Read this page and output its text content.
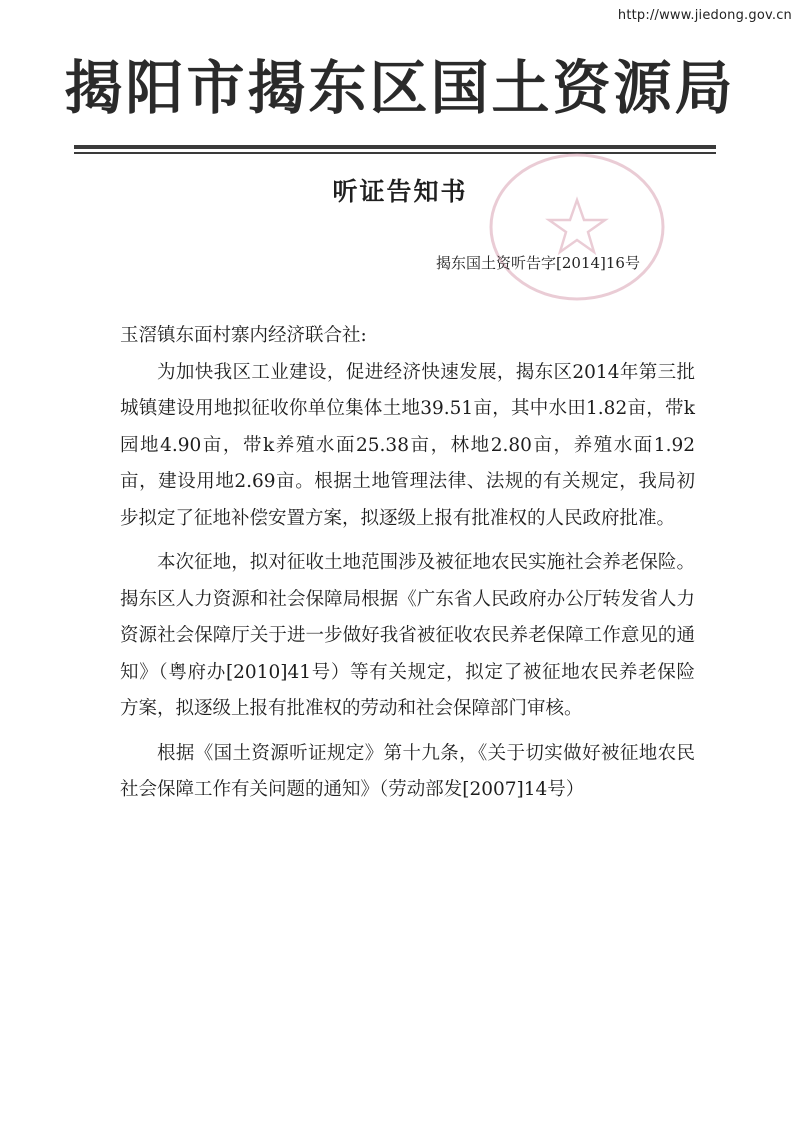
http://www.jiedong.gov.cn
揭阳市揭东区国土资源局
听证告知书
揭东国土资听告字[2014]16号

玉滘镇东面村寨内经济联合社:

为加快我区工业建设，促进经济快速发展，揭东区2014年第三批城镇建设用地拟征收你单位集体土地39.51亩，其中水田1.82亩，带k园地4.90亩，带k养殖水面25.38亩，林地2.80亩，养殖水面1.92亩，建设用地2.69亩。根据土地管理法律、法规的有关规定，我局初步拟定了征地补偿安置方案，拟逐级上报有批准权的人民政府批准。

本次征地，拟对征收土地范围涉及被征地农民实施社会养老保险。揭东区人力资源和社会保障局根据《广东省人民政府办公厅转发省人力资源社会保障厅关于进一步做好我省被征收农民养老保障工作意见的通知》（粤府办[2010]41号）等有关规定，拟定了被征地农民养老保险方案，拟逐级上报有批准权的劳动和社会保障部门审核。

根据《国土资源听证规定》第十九条，《关于切实做好被征地农民社会保障工作有关问题的通知》（劳动部发[2007]14号）
